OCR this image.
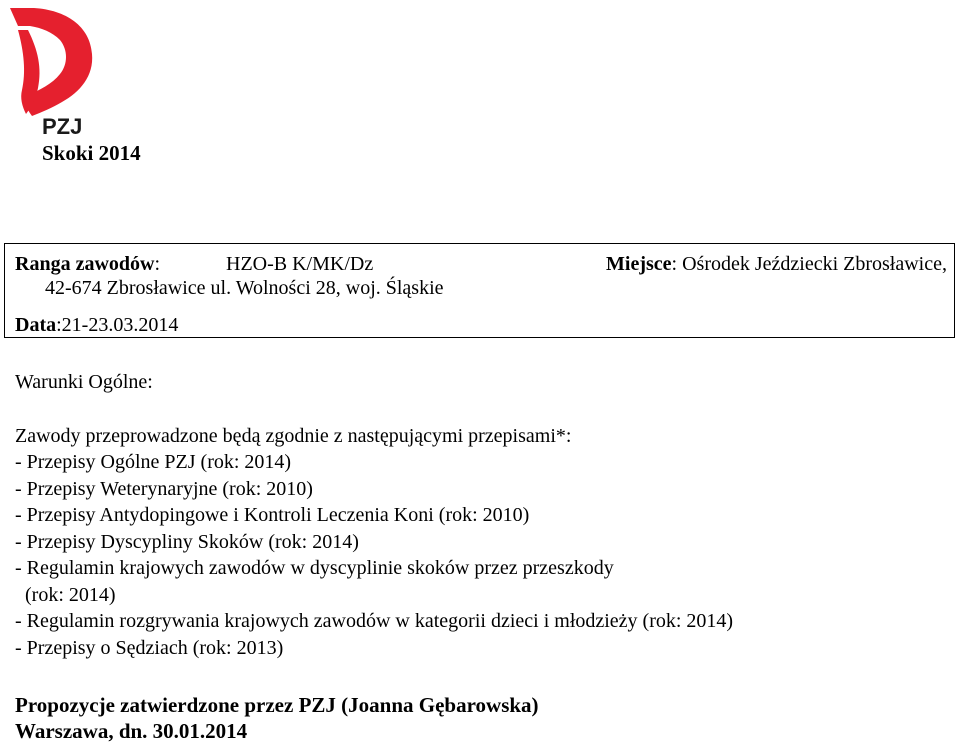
PZJ
Skoki 2014
Ranga zawodów:	HZO-B K/MK/Dz	Miejsce: Ośrodek Jeździecki Zbrosławice,
42-674 Zbrosławice ul. Wolności 28, woj. Śląskie
Data:21-23.03.2014
Warunki Ogólne:
Zawody przeprowadzone będą zgodnie z następującymi przepisami*:
- Przepisy Ogólne PZJ (rok: 2014)
- Przepisy Weterynaryjne (rok: 2010)
- Przepisy Antydopingowe i Kontroli Leczenia Koni (rok: 2010)
- Przepisy Dyscypliny Skoków (rok: 2014)
- Regulamin krajowych zawodów w dyscyplinie skoków przez przeszkody
(rok: 2014)
- Regulamin rozgrywania krajowych zawodów w kategorii dzieci i młodzieży (rok: 2014)
- Przepisy o Sędziach (rok: 2013)
Propozycje zatwierdzone przez PZJ (Joanna Gębarowska)
Warszawa, dn. 30.01.2014
